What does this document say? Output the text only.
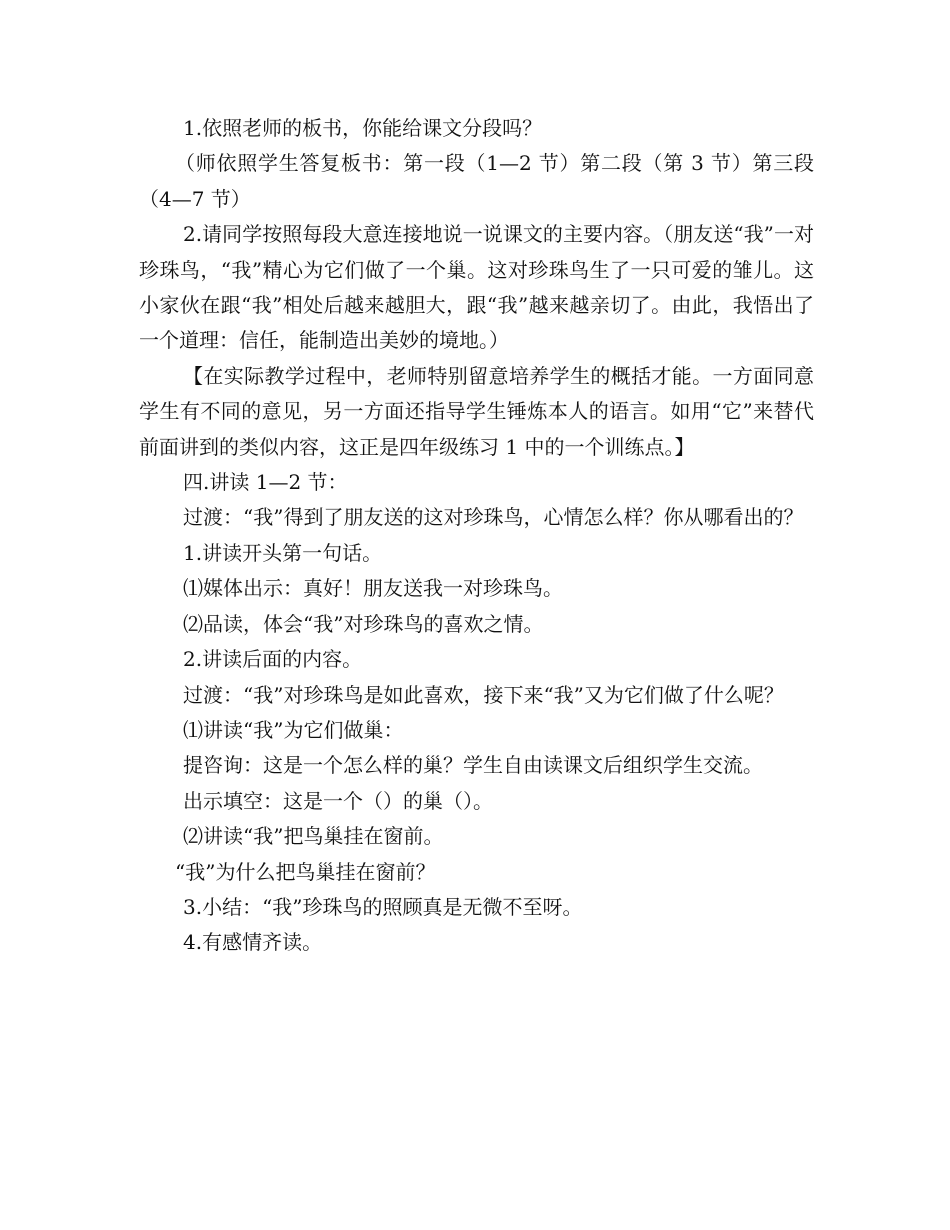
1.依照老师的板书，你能给课文分段吗？

（师依照学生答复板书：第一段（1—2 节）第二段（第 3 节）第三段（4—7 节）

2.请同学按照每段大意连接地说一说课文的主要内容。（朋友送“我”一对珍珠鸟，“我”精心为它们做了一个巢。这对珍珠鸟生了一只可爱的雏儿。这小家伙在跟“我”相处后越来越胆大，跟“我”越来越亲切了。由此，我悟出了一个道理：信任，能制造出美妙的境地。）

【在实际教学过程中，老师特别留意培养学生的概括才能。一方面同意学生有不同的意见，另一方面还指导学生锤炼本人的语言。如用“它”来替代前面讲到的类似内容，这正是四年级练习 1 中的一个训练点。】

四.讲读 1—2 节：

过渡：“我”得到了朋友送的这对珍珠鸟，心情怎么样？你从哪看出的？

1.讲读开头第一句话。

⑴媒体出示：真好！朋友送我一对珍珠鸟。

⑵品读，体会“我”对珍珠鸟的喜欢之情。

2.讲读后面的内容。

过渡：“我”对珍珠鸟是如此喜欢，接下来“我”又为它们做了什么呢？

⑴讲读“我”为它们做巢：

提咨询：这是一个怎么样的巢？学生自由读课文后组织学生交流。

出示填空：这是一个（）的巢（）。

⑵讲读“我”把鸟巢挂在窗前。

“我”为什么把鸟巢挂在窗前？

3.小结：“我”珍珠鸟的照顾真是无微不至呀。

4.有感情齐读。
